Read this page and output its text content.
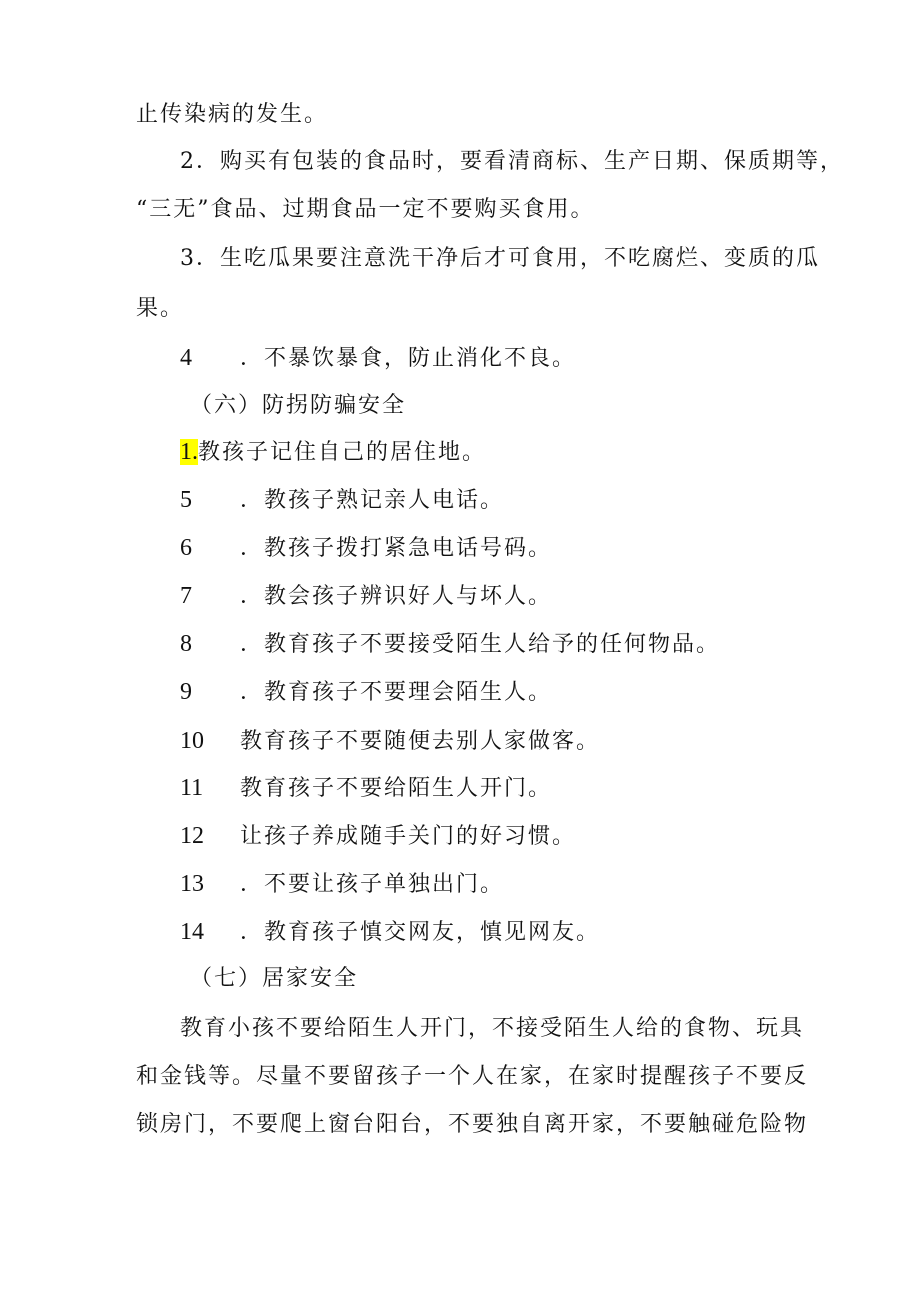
止传染病的发生。
2．购买有包装的食品时，要看清商标、生产日期、保质期等，
“三无”食品、过期食品一定不要购买食用。
3．生吃瓜果要注意洗干净后才可食用，不吃腐烂、变质的瓜
果。
4 ．不暴饮暴食，防止消化不良。
（六）防拐防骗安全
1.教孩子记住自己的居住地。
5 ．教孩子熟记亲人电话。
6 ．教孩子拨打紧急电话号码。
7 ．教会孩子辨识好人与坏人。
8 ．教育孩子不要接受陌生人给予的任何物品。
9 ．教育孩子不要理会陌生人。
10 教育孩子不要随便去别人家做客。
11 教育孩子不要给陌生人开门。
12 让孩子养成随手关门的好习惯。
13 ．不要让孩子单独出门。
14 ．教育孩子慎交网友，慎见网友。
（七）居家安全
教育小孩不要给陌生人开门，不接受陌生人给的食物、玩具
和金钱等。尽量不要留孩子一个人在家，在家时提醒孩子不要反
锁房门，不要爬上窗台阳台，不要独自离开家，不要触碰危险物
